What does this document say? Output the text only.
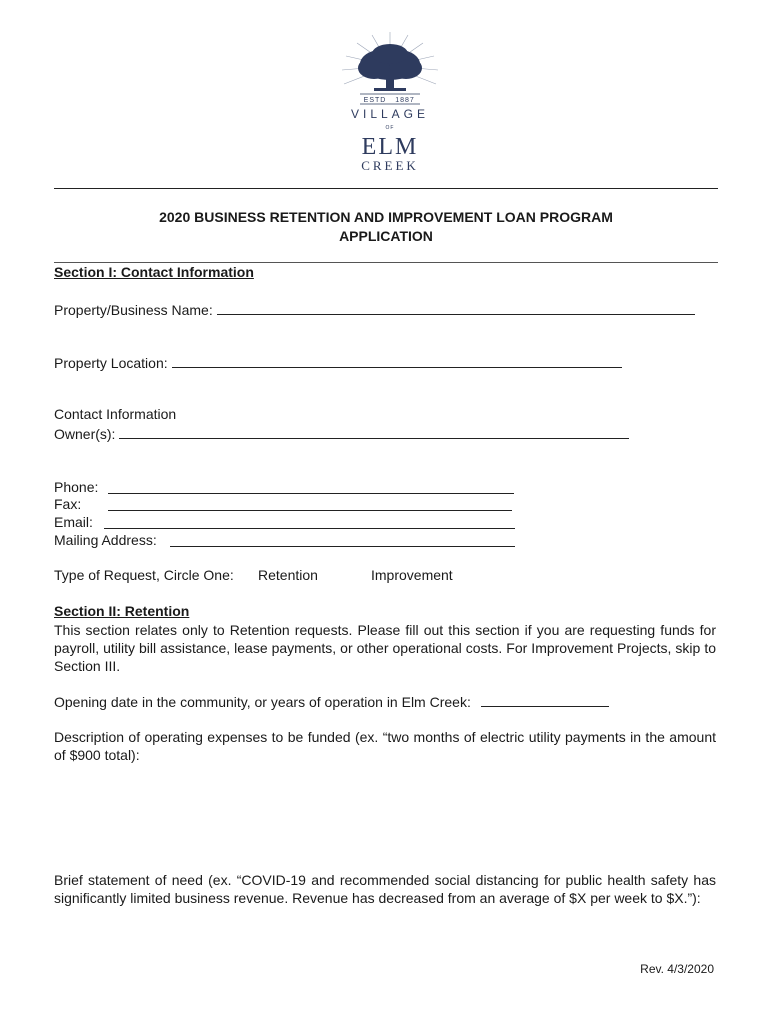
ESTD 1887
VILLAGE
OF
ELM
CREEK
2020 BUSINESS RETENTION AND IMPROVEMENT LOAN PROGRAM
APPLICATION
Section I: Contact Information
Property/Business Name:
Property Location:
Contact Information
Owner(s):
Phone:
Fax:
Email:
Mailing Address:
Type of Request, Circle One: Retention	Improvement
Section II: Retention
This section relates only to Retention requests. Please fill out this section if you are requesting funds for payroll, utility bill assistance, lease payments, or other operational costs. For Improvement Projects, skip to Section III.
Opening date in the community, or years of operation in Elm Creek:
Description of operating expenses to be funded (ex. “two months of electric utility payments in the amount of $900 total):
Brief statement of need (ex. “COVID-19 and recommended social distancing for public health safety has significantly limited business revenue. Revenue has decreased from an average of $X per week to $X.”):
Rev. 4/3/2020
